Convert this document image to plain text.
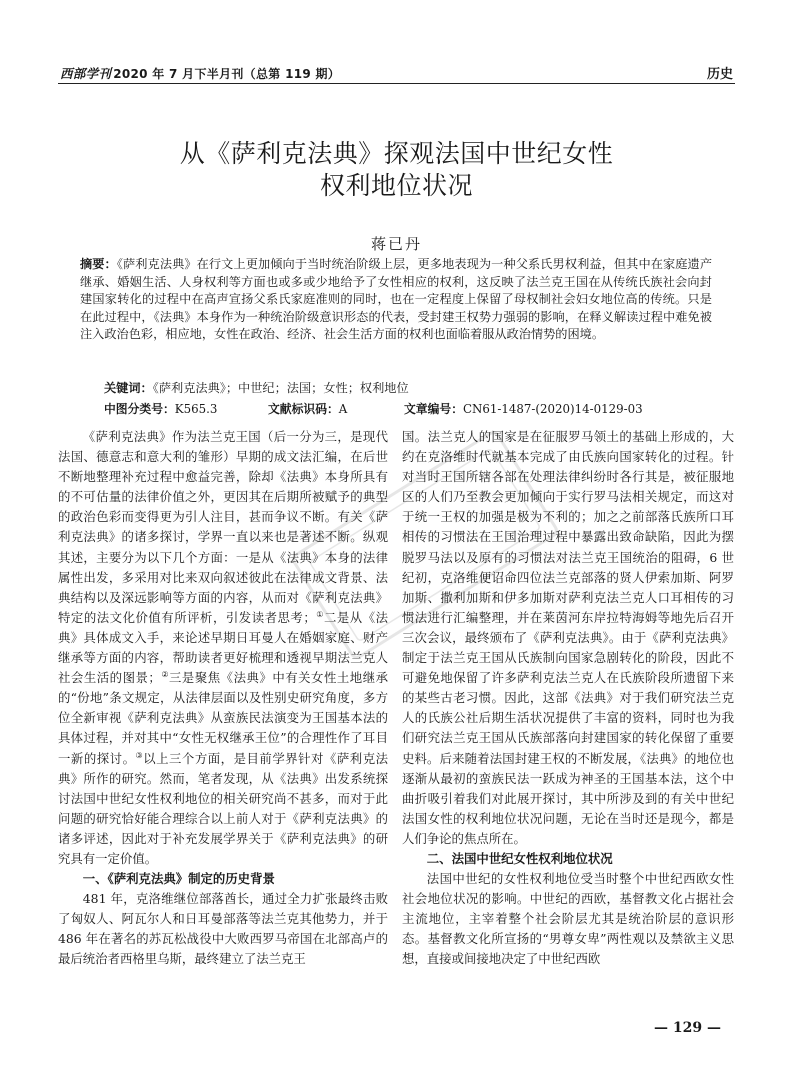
西部学刊 2020 年 7 月下半月刊（总第 119 期）	历史
从《萨利克法典》探观法国中世纪女性
权利地位状况
蒋已丹
摘要：《萨利克法典》在行文上更加倾向于当时统治阶级上层，更多地表现为一种父系氏男权利益，但其中在家庭遗产继承、婚姻生活、人身权利等方面也或多或少地给予了女性相应的权利，这反映了法兰克王国在从传统氏族社会向封建国家转化的过程中在高声宣扬父系氏家庭准则的同时，也在一定程度上保留了母权制社会妇女地位高的传统。只是在此过程中，《法典》本身作为一种统治阶级意识形态的代表，受封建王权势力强弱的影响，在释义解读过程中难免被注入政治色彩，相应地，女性在政治、经济、社会生活方面的权利也面临着服从政治情势的困境。
关键词：《萨利克法典》；中世纪；法国；女性；权利地位
中图分类号：K565.3	文献标识码：A	文章编号：CN61-1487-(2020)14-0129-03

《萨利克法典》作为法兰克王国（后一分为三，是现代法国、德意志和意大利的雏形）早期的成文法汇编，在后世不断地整理补充过程中愈益完善，除却《法典》本身所具有的不可估量的法律价值之外，更因其在后期所被赋予的典型的政治色彩而变得更为引人注目，甚而争议不断。有关《萨利克法典》的诸多探讨，学界一直以来也是著述不断。纵观其述，主要分为以下几个方面：一是从《法典》本身的法律属性出发，多采用对比来双向叙述彼此在法律成文背景、法典结构以及深远影响等方面的内容，从而对《萨利克法典》特定的法文化价值有所评析，引发读者思考；①二是从《法典》具体成文入手，来论述早期日耳曼人在婚姻家庭、财产继承等方面的内容，帮助读者更好梳理和透视早期法兰克人社会生活的图景；②三是聚焦《法典》中有关女性土地继承的“份地”条文规定，从法律层面以及性别史研究角度，多方位全新审视《萨利克法典》从蛮族民法演变为王国基本法的具体过程，并对其中“女性无权继承王位”的合理性作了耳目一新的探讨。③以上三个方面，是目前学界针对《萨利克法典》所作的研究。然而，笔者发现，从《法典》出发系统探讨法国中世纪女性权利地位的相关研究尚不甚多，而对于此问题的研究恰好能合理综合以上前人对于《萨利克法典》的诸多评述，因此对于补充发展学界关于《萨利克法典》的研究具有一定价值。

一、《萨利克法典》制定的历史背景

481 年，克洛维继位部落酋长，通过全力扩张最终击败了匈奴人、阿瓦尔人和日耳曼部落等法兰克其他势力，并于 486 年在著名的苏瓦松战役中大败西罗马帝国在北部高卢的最后统治者西格里乌斯，最终建立了法兰克王

国。法兰克人的国家是在征服罗马领土的基础上形成的，大约在克洛维时代就基本完成了由氏族向国家转化的过程。针对当时王国所辖各部在处理法律纠纷时各行其是，被征服地区的人们乃至教会更加倾向于实行罗马法相关规定，而这对于统一王权的加强是极为不利的；加之之前部落氏族所口耳相传的习惯法在王国治理过程中暴露出致命缺陷，因此为摆脱罗马法以及原有的习惯法对法兰克王国统治的阻碍，6 世纪初，克洛维便诏命四位法兰克部落的贤人伊索加斯、阿罗加斯、撒利加斯和伊多加斯对萨利克法兰克人口耳相传的习惯法进行汇编整理，并在莱茵河东岸拉特海姆等地先后召开三次会议，最终颁布了《萨利克法典》。由于《萨利克法典》制定于法兰克王国从氏族制向国家急剧转化的阶段，因此不可避免地保留了许多萨利克法兰克人在氏族阶段所遗留下来的某些古老习惯。因此，这部《法典》对于我们研究法兰克人的氏族公社后期生活状况提供了丰富的资料，同时也为我们研究法兰克王国从氏族部落向封建国家的转化保留了重要史料。后来随着法国封建王权的不断发展，《法典》的地位也逐渐从最初的蛮族民法一跃成为神圣的王国基本法，这个中曲折吸引着我们对此展开探讨，其中所涉及到的有关中世纪法国女性的权利地位状况问题，无论在当时还是现今，都是人们争论的焦点所在。

二、法国中世纪女性权利地位状况

法国中世纪的女性权利地位受当时整个中世纪西欧女性社会地位状况的影响。中世纪的西欧，基督教文化占据社会主流地位，主宰着整个社会阶层尤其是统治阶层的意识形态。基督教文化所宣扬的“男尊女卑”两性观以及禁欲主义思想，直接或间接地决定了中世纪西欧

— 129 —
